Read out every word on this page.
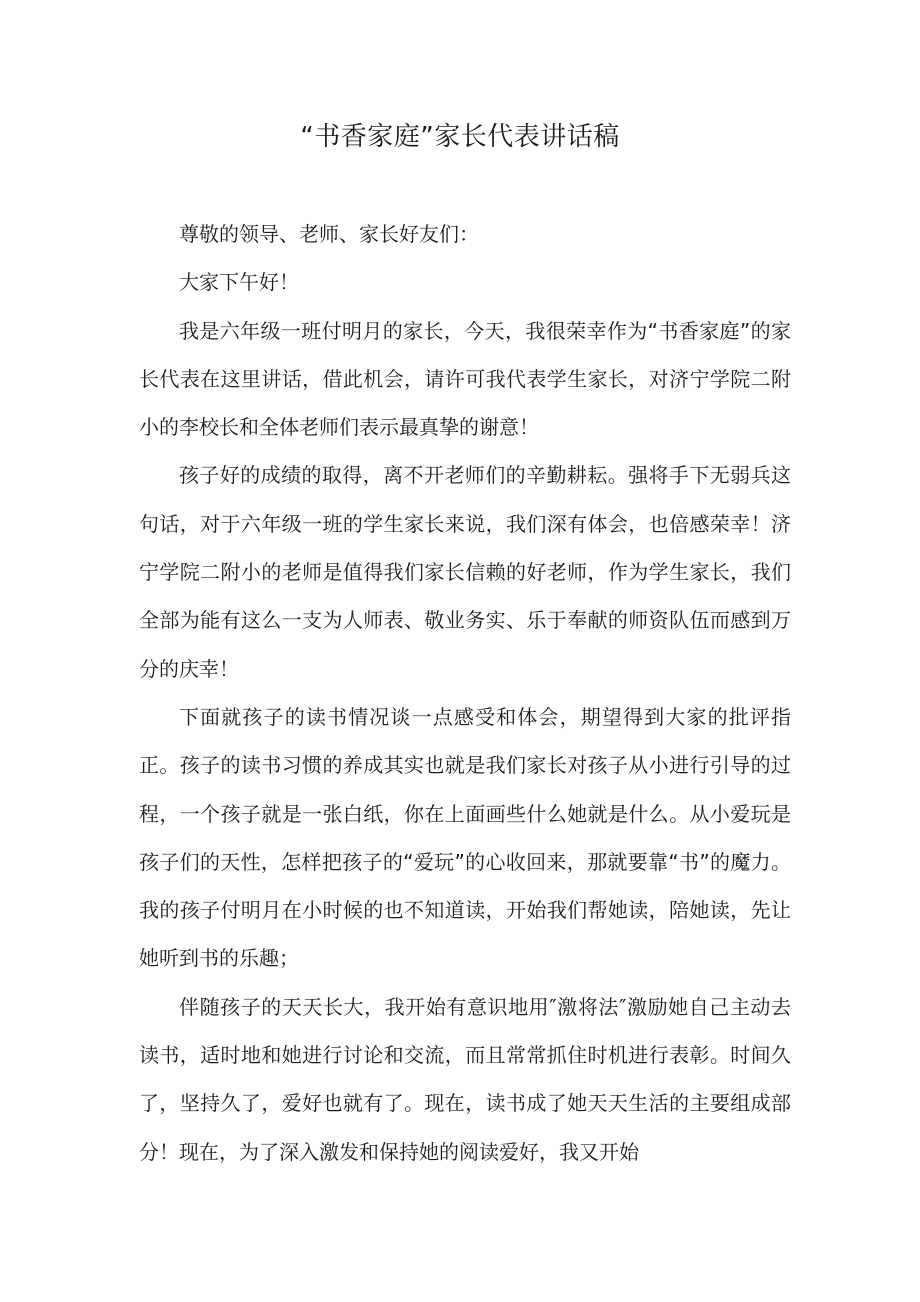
“书香家庭”家长代表讲话稿

尊敬的领导、老师、家长好友们：

大家下午好！

我是六年级一班付明月的家长，今天，我很荣幸作为“书香家庭”的家长代表在这里讲话，借此机会，请许可我代表学生家长，对济宁学院二附小的李校长和全体老师们表示最真挚的谢意！

孩子好的成绩的取得，离不开老师们的辛勤耕耘。强将手下无弱兵这句话，对于六年级一班的学生家长来说，我们深有体会，也倍感荣幸！济宁学院二附小的老师是值得我们家长信赖的好老师，作为学生家长，我们全部为能有这么一支为人师表、敬业务实、乐于奉献的师资队伍而感到万分的庆幸！

下面就孩子的读书情况谈一点感受和体会，期望得到大家的批评指正。孩子的读书习惯的养成其实也就是我们家长对孩子从小进行引导的过程，一个孩子就是一张白纸，你在上面画些什么她就是什么。从小爱玩是孩子们的天性，怎样把孩子的“爱玩”的心收回来，那就要靠“书”的魔力。我的孩子付明月在小时候的也不知道读，开始我们帮她读，陪她读，先让她听到书的乐趣；

伴随孩子的天天长大，我开始有意识地用″激将法″激励她自己主动去读书，适时地和她进行讨论和交流，而且常常抓住时机进行表彰。时间久了，坚持久了，爱好也就有了。现在，读书成了她天天生活的主要组成部分！现在，为了深入激发和保持她的阅读爱好，我又开始
